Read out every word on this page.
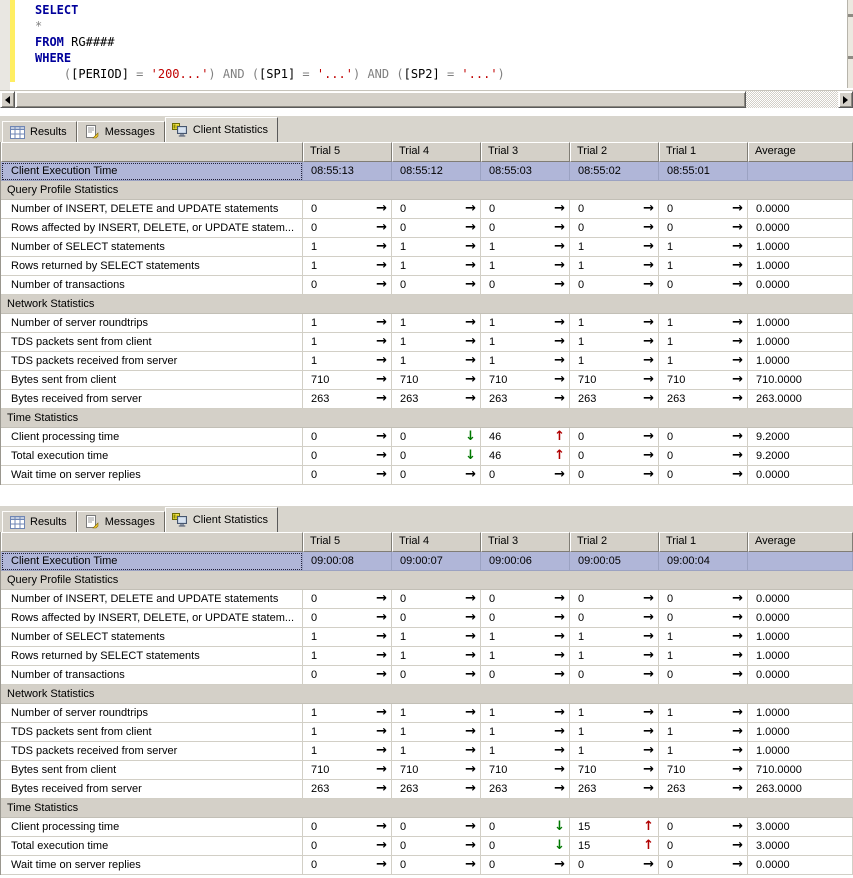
SELECT
*
FROM RG####
WHERE
([PERIOD] = '200...') AND ([SP1] = '...') AND ([SP2] = '...')
Results	Messages	Client Statistics
Trial 5	Trial 4	Trial 3	Trial 2	Trial 1	Average
Client Execution Time	08:55:13	08:55:12	08:55:03	08:55:02	08:55:01
Query Profile Statistics
Number of INSERT, DELETE and UPDATE statements	0	→	0	→	0	→	0	→	0	→	0.0000
Rows affected by INSERT, DELETE, or UPDATE statem...	0	→	0	→	0	→	0	→	0	→	0.0000
Number of SELECT statements	1	→	1	→	1	→	1	→	1	→	1.0000
Rows returned by SELECT statements	1	→	1	→	1	→	1	→	1	→	1.0000
Number of transactions	0	→	0	→	0	→	0	→	0	→	0.0000
Network Statistics
Number of server roundtrips	1	→	1	→	1	→	1	→	1	→	1.0000
TDS packets sent from client	1	→	1	→	1	→	1	→	1	→	1.0000
TDS packets received from server	1	→	1	→	1	→	1	→	1	→	1.0000
Bytes sent from client	710	→	710	→	710	→	710	→	710	→	710.0000
Bytes received from server	263	→	263	→	263	→	263	→	263	→	263.0000
Time Statistics
Client processing time	0	→	0	↓	46	↑	0	→	0	→	9.2000
Total execution time	0	→	0	↓	46	↑	0	→	0	→	9.2000
Wait time on server replies	0	→	0	→	0	→	0	→	0	→	0.0000
Results	Messages	Client Statistics
Trial 5	Trial 4	Trial 3	Trial 2	Trial 1	Average
Client Execution Time	09:00:08	09:00:07	09:00:06	09:00:05	09:00:04
Query Profile Statistics
Number of INSERT, DELETE and UPDATE statements	0	→	0	→	0	→	0	→	0	→	0.0000
Rows affected by INSERT, DELETE, or UPDATE statem...	0	→	0	→	0	→	0	→	0	→	0.0000
Number of SELECT statements	1	→	1	→	1	→	1	→	1	→	1.0000
Rows returned by SELECT statements	1	→	1	→	1	→	1	→	1	→	1.0000
Number of transactions	0	→	0	→	0	→	0	→	0	→	0.0000
Network Statistics
Number of server roundtrips	1	→	1	→	1	→	1	→	1	→	1.0000
TDS packets sent from client	1	→	1	→	1	→	1	→	1	→	1.0000
TDS packets received from server	1	→	1	→	1	→	1	→	1	→	1.0000
Bytes sent from client	710	→	710	→	710	→	710	→	710	→	710.0000
Bytes received from server	263	→	263	→	263	→	263	→	263	→	263.0000
Time Statistics
Client processing time	0	→	0	→	0	↓	15	↑	0	→	3.0000
Total execution time	0	→	0	→	0	↓	15	↑	0	→	3.0000
Wait time on server replies	0	→	0	→	0	→	0	→	0	→	0.0000
